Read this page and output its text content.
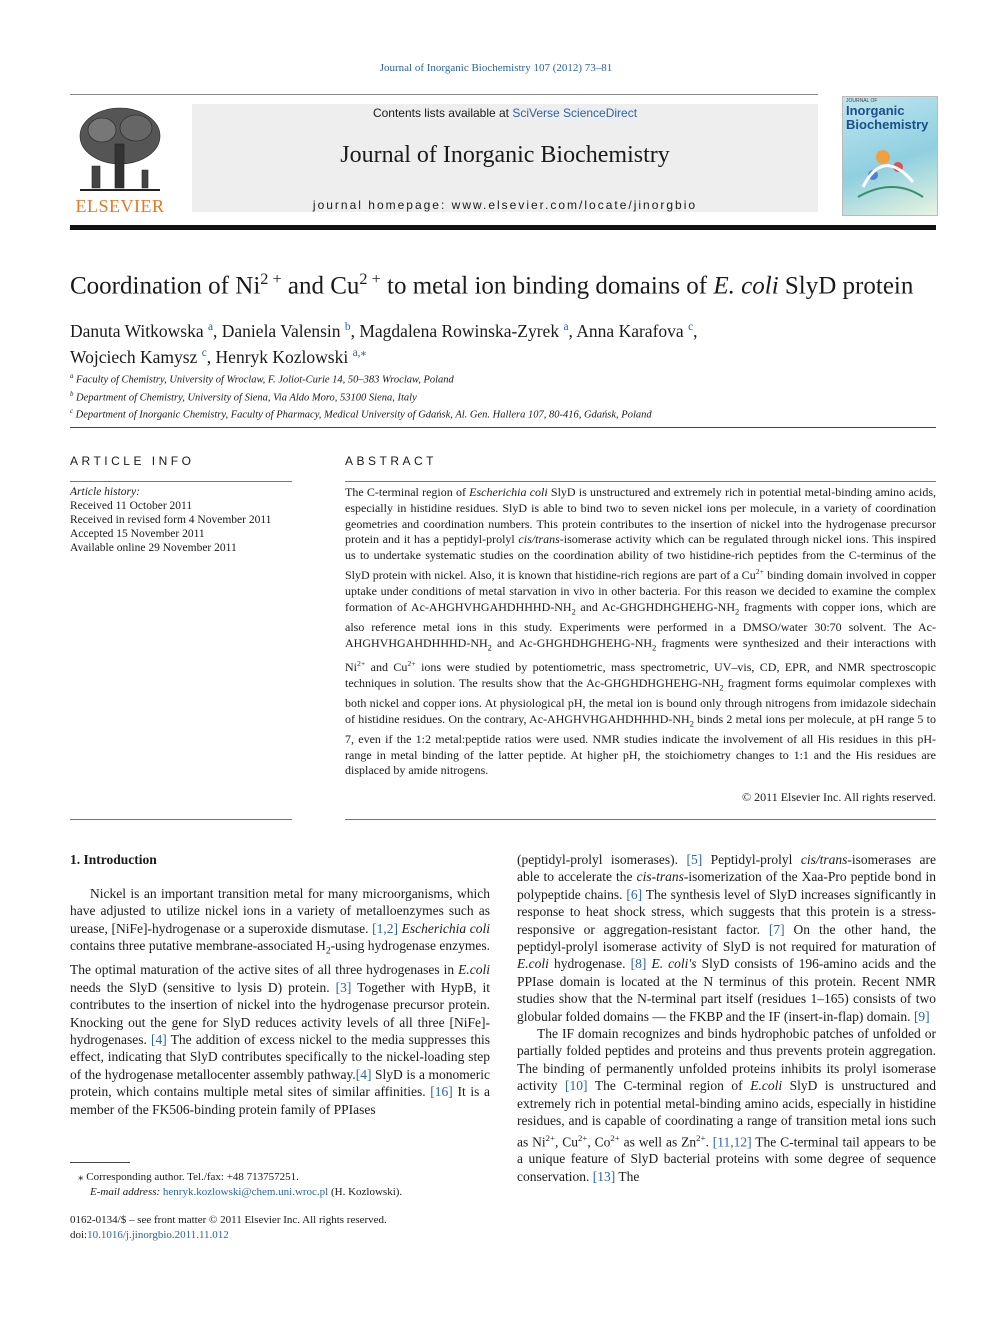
Journal of Inorganic Biochemistry 107 (2012) 73–81
ELSEVIER
Contents lists available at SciVerse ScienceDirect
Journal of Inorganic Biochemistry
journal homepage: www.elsevier.com/locate/jinorgbio
JOURNAL OF
Inorganic Biochemistry
Coordination of $Ni^{2 +}$ and $Cu^{2 +}$ to metal ion binding domains of E. coli SlyD protein
Danuta Witkowska $^a$, Daniela Valensin $^b$, Magdalena Rowinska-Zyrek $^a$, Anna Karafova $^c$,
Wojciech Kamysz $^c$, Henryk Kozlowski $^{a,⁎}$
$^a$ Faculty of Chemistry, University of Wroclaw, F. Joliot-Curie 14, 50–383 Wroclaw, Poland
$^b$ Department of Chemistry, University of Siena, Via Aldo Moro, 53100 Siena, Italy
$^c$ Department of Inorganic Chemistry, Faculty of Pharmacy, Medical University of Gdańsk, Al. Gen. Hallera 107, 80-416, Gdańsk, Poland
ARTICLE INFO
Article history:
Received 11 October 2011
Received in revised form 4 November 2011
Accepted 15 November 2011
Available online 29 November 2011
ABSTRACT
The C-terminal region of Escherichia coli SlyD is unstructured and extremely rich in potential metal-binding amino acids, especially in histidine residues. SlyD is able to bind two to seven nickel ions per molecule, in a variety of coordination geometries and coordination numbers. This protein contributes to the insertion of nickel into the hydrogenase precursor protein and it has a peptidyl-prolyl cis/trans-isomerase activity which can be regulated through nickel ions. This inspired us to undertake systematic studies on the coordination ability of two histidine-rich peptides from the C-terminus of the SlyD protein with nickel. Also, it is known that histidine-rich regions are part of a $Cu^{2+}$ binding domain involved in copper uptake under conditions of metal starvation in vivo in other bacteria. For this reason we decided to examine the complex formation of $Ac-AHGHVHGAHDHHHD-NH_2$ and $Ac-GHGHDHGHEHG-NH_2$ fragments with copper ions, which are also reference metal ions in this study. Experiments were performed in a DMSO/water 30:70 solvent. The $Ac-AHGHVHGAHDHHHD-NH_2$ and $Ac-GHGHDHGHEHG-NH_2$ fragments were synthesized and their interactions with $Ni^{2+}$ and $Cu^{2+}$ ions were studied by potentiometric, mass spectrometric, UV–vis, CD, EPR, and NMR spectroscopic techniques in solution. The results show that the $Ac-GHGHDHGHEHG-NH_2$ fragment forms equimolar complexes with both nickel and copper ions. At physiological pH, the metal ion is bound only through nitrogens from imidazole sidechain of histidine residues. On the contrary, $Ac-AHGHVHGAHDHHHD-NH_2$ binds 2 metal ions per molecule, at pH range 5 to 7, even if the 1:2 metal:peptide ratios were used. NMR studies indicate the involvement of all His residues in this pH-range in metal binding of the latter peptide. At higher pH, the stoichiometry changes to 1:1 and the His residues are displaced by amide nitrogens.
© 2011 Elsevier Inc. All rights reserved.
1. Introduction

Nickel is an important transition metal for many microorganisms, which have adjusted to utilize nickel ions in a variety of metalloenzymes such as urease, [NiFe]-hydrogenase or a superoxide dismutase. [1,2] Escherichia coli contains three putative membrane-associated $H_2$-using hydrogenase enzymes. The optimal maturation of the active sites of all three hydrogenases in E.coli needs the SlyD (sensitive to lysis D) protein. [3] Together with HypB, it contributes to the insertion of nickel into the hydrogenase precursor protein. Knocking out the gene for SlyD reduces activity levels of all three [NiFe]-hydrogenases. [4] The addition of excess nickel to the media suppresses this effect, indicating that SlyD contributes specifically to the nickel-loading step of the hydrogenase metallocenter assembly pathway.[4] SlyD is a monomeric protein, which contains multiple metal sites of similar affinities. [16] It is a member of the FK506-binding protein family of PPIases

(peptidyl-prolyl isomerases). [5] Peptidyl-prolyl cis/trans-isomerases are able to accelerate the cis-trans-isomerization of the Xaa-Pro peptide bond in polypeptide chains. [6] The synthesis level of SlyD increases significantly in response to heat shock stress, which suggests that this protein is a stress-responsive or aggregation-resistant factor. [7] On the other hand, the peptidyl-prolyl isomerase activity of SlyD is not required for maturation of E.coli hydrogenase. [8] E. coli's SlyD consists of 196-amino acids and the PPIase domain is located at the N terminus of this protein. Recent NMR studies show that the N-terminal part itself (residues 1–165) consists of two globular folded domains — the FKBP and the IF (insert-in-flap) domain. [9]

The IF domain recognizes and binds hydrophobic patches of unfolded or partially folded peptides and proteins and thus prevents protein aggregation. The binding of permanently unfolded proteins inhibits its prolyl isomerase activity [10] The C-terminal region of E.coli SlyD is unstructured and extremely rich in potential metal-binding amino acids, especially in histidine residues, and is capable of coordinating a range of transition metal ions such as $Ni^{2+}$, $Cu^{2+}$, $Co^{2+}$ as well as $Zn^{2+}$. [11,12] The C-terminal tail appears to be a unique feature of SlyD bacterial proteins with some degree of sequence conservation. [13] The

⁎ Corresponding author. Tel./fax: +48 713757251.
E-mail address: henryk.kozlowski@chem.uni.wroc.pl (H. Kozlowski).
0162-0134/$ – see front matter © 2011 Elsevier Inc. All rights reserved.
doi:10.1016/j.jinorgbio.2011.11.012
